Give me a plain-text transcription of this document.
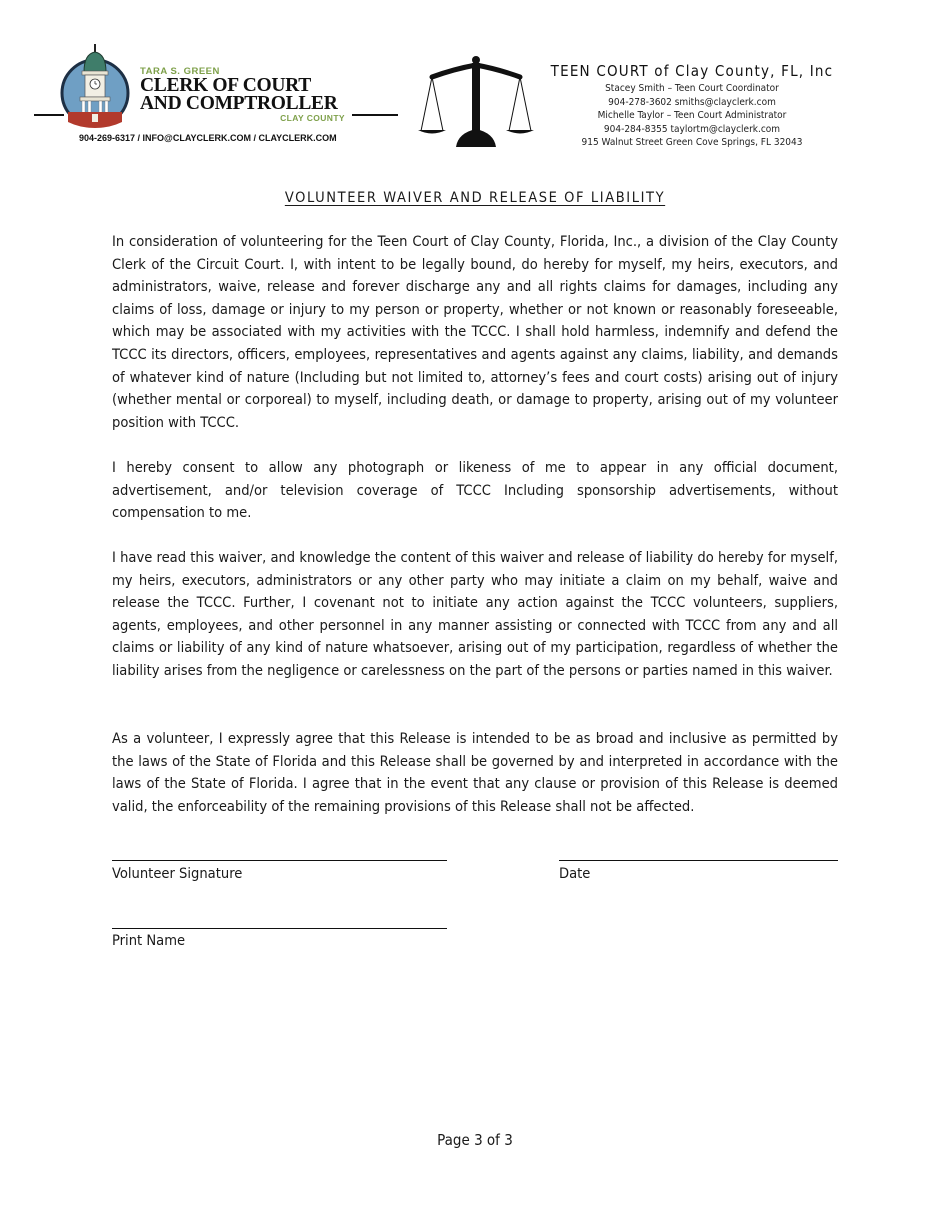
TARA S. GREEN
CLERK OF COURT
AND COMPTROLLER
CLAY COUNTY
904-269-6317 / INFO@CLAYCLERK.COM / CLAYCLERK.COM
TEEN COURT of Clay County, FL, Inc
Stacey Smith – Teen Court Coordinator
904-278-3602 smiths@clayclerk.com
Michelle Taylor – Teen Court Administrator
904-284-8355 taylortm@clayclerk.com
915 Walnut Street Green Cove Springs, FL 32043
VOLUNTEER WAIVER AND RELEASE OF LIABILITY
In consideration of volunteering for the Teen Court of Clay County, Florida, Inc., a division of the Clay County Clerk of the Circuit Court. I, with intent to be legally bound, do hereby for myself, my heirs, executors, and administrators, waive, release and forever discharge any and all rights claims for damages, including any claims of loss, damage or injury to my person or property, whether or not known or reasonably foreseeable, which may be associated with my activities with the TCCC. I shall hold harmless, indemnify and defend the TCCC its directors, officers, employees, representatives and agents against any claims, liability, and demands of whatever kind of nature (Including but not limited to, attorney’s fees and court costs) arising out of injury (whether mental or corporeal) to myself, including death, or damage to property, arising out of my volunteer position with TCCC.
I hereby consent to allow any photograph or likeness of me to appear in any official document, advertisement, and/or television coverage of TCCC Including sponsorship advertisements, without compensation to me.
I have read this waiver, and knowledge the content of this waiver and release of liability do hereby for myself, my heirs, executors, administrators or any other party who may initiate a claim on my behalf, waive and release the TCCC. Further, I covenant not to initiate any action against the TCCC volunteers, suppliers, agents, employees, and other personnel in any manner assisting or connected with TCCC from any and all claims or liability of any kind of nature whatsoever, arising out of my participation, regardless of whether the liability arises from the negligence or carelessness on the part of the persons or parties named in this waiver.
As a volunteer, I expressly agree that this Release is intended to be as broad and inclusive as permitted by the laws of the State of Florida and this Release shall be governed by and interpreted in accordance with the laws of the State of Florida. I agree that in the event that any clause or provision of this Release is deemed valid, the enforceability of the remaining provisions of this Release shall not be affected.
Volunteer Signature	Date
Print Name
Page 3 of 3
